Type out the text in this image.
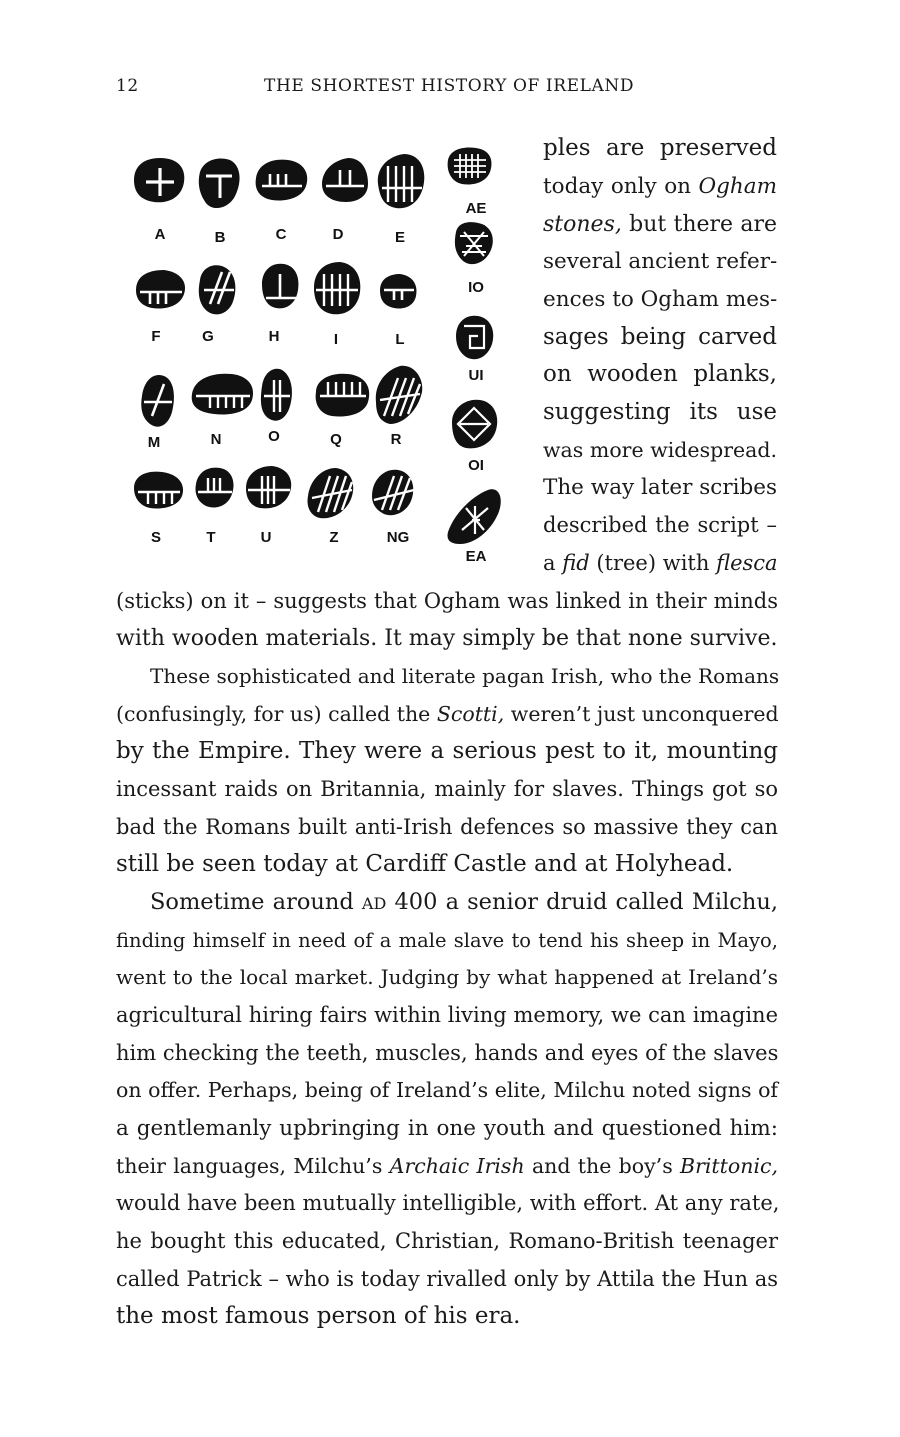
12	THE SHORTEST HISTORY OF IRELAND
A	B	C	D	E
F	G	H	I	L
M	N	O	Q	R
S	T	U	Z	NG
AE
IO
UI
OI
EA
ples are preserved
today only on Ogham
stones, but there are
several ancient refer-
ences to Ogham mes-
sages being carved
on wooden planks,
suggesting its use
was more widespread.
The way later scribes
described the script –
a fid (tree) with flesca
(sticks) on it – suggests that Ogham was linked in their minds
with wooden materials. It may simply be that none survive.
These sophisticated and literate pagan Irish, who the Romans
(confusingly, for us) called the Scotti, weren’t just unconquered
by the Empire. They were a serious pest to it, mounting
incessant raids on Britannia, mainly for slaves. Things got so
bad the Romans built anti-Irish defences so massive they can
still be seen today at Cardiff Castle and at Holyhead.
Sometime around ad 400 a senior druid called Milchu,
finding himself in need of a male slave to tend his sheep in Mayo,
went to the local market. Judging by what happened at Ireland’s
agricultural hiring fairs within living memory, we can imagine
him checking the teeth, muscles, hands and eyes of the slaves
on offer. Perhaps, being of Ireland’s elite, Milchu noted signs of
a gentlemanly upbringing in one youth and questioned him:
their languages, Milchu’s Archaic Irish and the boy’s Brittonic,
would have been mutually intelligible, with effort. At any rate,
he bought this educated, Christian, Romano-British teenager
called Patrick – who is today rivalled only by Attila the Hun as
the most famous person of his era.
